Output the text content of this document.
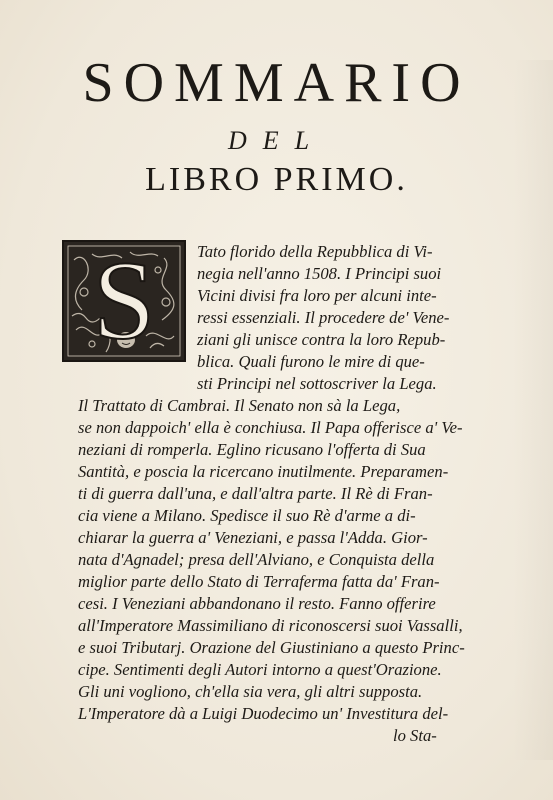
SOMMARIO
DEL
LIBRO PRIMO.
S	Tato florido della Repubblica di Vi-
negia nell'anno 1508. I Principi suoi
Vicini divisi fra loro per alcuni inte-
ressi essenziali. Il procedere de' Vene-
ziani gli unisce contra la loro Repub-
blica. Quali furono le mire di que-
sti Principi nel sottoscriver la Lega.
Il Trattato di Cambrai. Il Senato non sà la Lega,
se non dappoich' ella è conchiusa. Il Papa offerisce a' Ve-
neziani di romperla. Eglino ricusano l'offerta di Sua
Santità, e poscia la ricercano inutilmente. Preparamen-
ti di guerra dall'una, e dall'altra parte. Il Rè di Fran-
cia viene a Milano. Spedisce il suo Rè d'arme a di-
chiarar la guerra a' Veneziani, e passa l'Adda. Gior-
nata d'Agnadel; presa dell'Alviano, e Conquista della
miglior parte dello Stato di Terraferma fatta da' Fran-
cesi. I Veneziani abbandonano il resto. Fanno offerire
all'Imperatore Massimiliano di riconoscersi suoi Vassalli,
e suoi Tributarj. Orazione del Giustiniano a questo Princ-
cipe. Sentimenti degli Autori intorno a quest'Orazione.
Gli uni vogliono, ch'ella sia vera, gli altri supposta.
L'Imperatore dà a Luigi Duodecimo un' Investitura del-
lo Sta-
